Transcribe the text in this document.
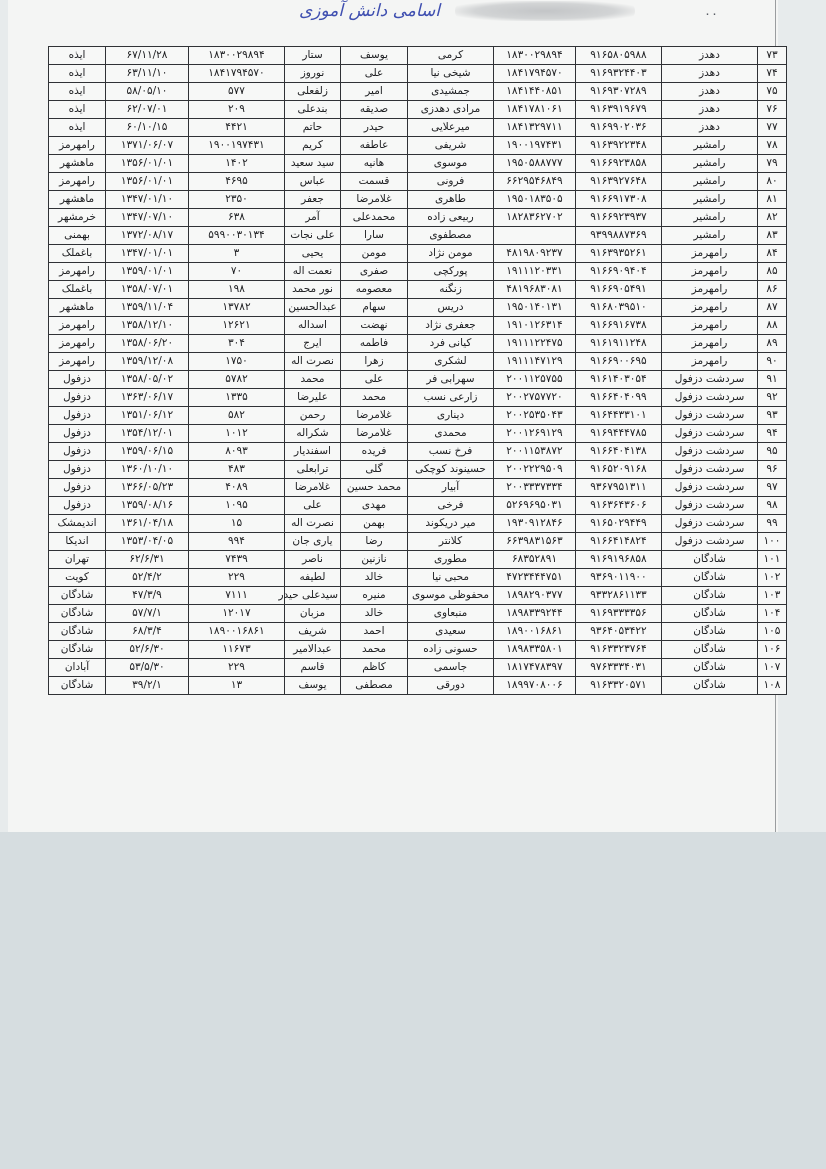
اسامی دانش آموزی	۰۰
۷۳	دهدز	۹۱۶۵۸۰۵۹۸۸	۱۸۳۰۰۲۹۸۹۴	کرمی	یوسف	ستار	۱۸۳۰۰۲۹۸۹۴	۶۷/۱۱/۲۸	ایذه
۷۴	دهدز	۹۱۶۹۳۲۴۴۰۳	۱۸۴۱۷۹۴۵۷۰	شیخی نیا	علی	نوروز	۱۸۴۱۷۹۴۵۷۰	۶۳/۱۱/۱۰	ایذه
۷۵	دهدز	۹۱۶۹۳۰۷۲۸۹	۱۸۴۱۴۴۰۸۵۱	جمشیدی	امیر	زلفعلی	۵۷۷	۵۸/۰۵/۱۰	ایذه
۷۶	دهدز	۹۱۶۳۹۱۹۶۷۹	۱۸۴۱۷۸۱۰۶۱	مرادی دهدزی	صدیقه	بندعلی	۲۰۹	۶۲/۰۷/۰۱	ایذه
۷۷	دهدز	۹۱۶۹۹۰۲۰۳۶	۱۸۴۱۳۲۹۷۱۱	میرعلایی	حیدر	حاتم	۴۴۲۱	۶۰/۱۰/۱۵	ایذه
۷۸	رامشیر	۹۱۶۳۹۲۲۳۴۸	۱۹۰۰۱۹۷۴۳۱	شریفی	عاطفه	کریم	۱۹۰۰۱۹۷۴۳۱	۱۳۷۱/۰۶/۰۷	رامهرمز
۷۹	رامشیر	۹۱۶۶۹۲۳۸۵۸	۱۹۵۰۵۸۸۷۷۷	موسوی	هانیه	سید سعید	۱۴۰۲	۱۳۵۶/۰۱/۰۱	ماهشهر
۸۰	رامشیر	۹۱۶۳۹۲۷۶۴۸	۶۶۲۹۵۴۶۸۴۹	فرونی	قسمت	عباس	۴۶۹۵	۱۳۵۶/۰۱/۰۱	رامهرمز
۸۱	رامشیر	۹۱۶۶۹۱۷۳۰۸	۱۹۵۰۱۸۳۵۰۵	طاهری	غلامرضا	جعفر	۲۳۵۰	۱۳۴۷/۰۱/۱۰	ماهشهر
۸۲	رامشیر	۹۱۶۶۹۲۳۹۳۷	۱۸۲۸۳۶۲۷۰۲	ربیعی زاده	محمدعلی	آمر	۶۳۸	۱۳۴۷/۰۷/۱۰	خرمشهر
۸۳	رامشیر	۹۳۹۹۸۸۷۳۶۹		مصطفوی	سارا	علی نجات	۵۹۹۰۰۳۰۱۳۴	۱۳۷۲/۰۸/۱۷	بهمنی
۸۴	رامهرمز	۹۱۶۳۹۳۵۲۶۱	۴۸۱۹۸۰۹۲۳۷	مومن نژاد	مومن	یحیی	۳	۱۳۴۷/۰۱/۰۱	باغملک
۸۵	رامهرمز	۹۱۶۶۹۰۹۴۰۴	۱۹۱۱۱۲۰۳۳۱	پورکچی	صفری	نعمت اله	۷۰	۱۳۵۹/۰۱/۰۱	رامهرمز
۸۶	رامهرمز	۹۱۶۶۹۰۵۴۹۱	۴۸۱۹۶۸۳۰۸۱	زنگنه	معصومه	نور محمد	۱۹۸	۱۳۵۸/۰۷/۰۱	باغملک
۸۷	رامهرمز	۹۱۶۸۰۳۹۵۱۰	۱۹۵۰۱۴۰۱۳۱	دریس	سهام	عبدالحسین	۱۳۷۸۲	۱۳۵۹/۱۱/۰۴	ماهشهر
۸۸	رامهرمز	۹۱۶۶۹۱۶۷۳۸	۱۹۱۰۱۲۶۳۱۴	جعفری نژاد	نهضت	اسداله	۱۲۶۲۱	۱۳۵۸/۱۲/۱۰	رامهرمز
۸۹	رامهرمز	۹۱۶۱۹۱۱۲۴۸	۱۹۱۱۱۲۲۴۷۵	کیانی فرد	فاطمه	ایرج	۳۰۴	۱۳۵۸/۰۶/۲۰	رامهرمز
۹۰	رامهرمز	۹۱۶۶۹۰۰۶۹۵	۱۹۱۱۱۴۷۱۲۹	لشکری	زهرا	نصرت اله	۱۷۵۰	۱۳۵۹/۱۲/۰۸	رامهرمز
۹۱	سردشت دزفول	۹۱۶۱۴۰۳۰۵۴	۲۰۰۱۱۲۵۷۵۵	سهرابی فر	علی	محمد	۵۷۸۲	۱۳۵۸/۰۵/۰۲	دزفول
۹۲	سردشت دزفول	۹۱۶۶۴۰۴۰۹۹	۲۰۰۲۷۵۷۷۲۰	زارعی نسب	محمد	علیرضا	۱۳۳۵	۱۳۶۳/۰۶/۱۷	دزفول
۹۳	سردشت دزفول	۹۱۶۴۴۳۳۱۰۱	۲۰۰۲۵۳۵۰۴۳	دیناری	غلامرضا	رحمن	۵۸۲	۱۳۵۱/۰۶/۱۲	دزفول
۹۴	سردشت دزفول	۹۱۶۹۴۴۴۷۸۵	۲۰۰۱۲۶۹۱۲۹	محمدی	غلامرضا	شکراله	۱۰۱۲	۱۳۵۴/۱۲/۰۱	دزفول
۹۵	سردشت دزفول	۹۱۶۶۴۰۴۱۳۸	۲۰۰۱۱۵۳۸۷۲	فرخ نسب	فریده	اسفندیار	۸۰۹۳	۱۳۵۹/۰۶/۱۵	دزفول
۹۶	سردشت دزفول	۹۱۶۵۲۰۹۱۶۸	۲۰۰۲۲۲۹۵۰۹	حسینوند کوچکی	گلی	ترابعلی	۴۸۳	۱۳۶۰/۱۰/۱۰	دزفول
۹۷	سردشت دزفول	۹۳۶۷۹۵۱۳۱۱	۲۰۰۳۳۳۷۳۳۴	آبیار	محمد حسین	غلامرضا	۴۰۸۹	۱۳۶۶/۰۵/۲۳	دزفول
۹۸	سردشت دزفول	۹۱۶۳۶۴۳۶۰۶	۵۲۶۹۶۹۵۰۳۱	فرخی	مهدی	علی	۱۰۹۵	۱۳۵۹/۰۸/۱۶	دزفول
۹۹	سردشت دزفول	۹۱۶۵۰۲۹۴۴۹	۱۹۳۰۹۱۲۸۴۶	میر دریکوند	بهمن	نصرت اله	۱۵	۱۳۶۱/۰۴/۱۸	اندیمشک
۱۰۰	سردشت دزفول	۹۱۶۶۴۱۴۸۲۴	۶۶۳۹۸۳۱۵۶۳	کلانتر	رضا	یاری جان	۹۹۴	۱۳۵۳/۰۴/۰۵	اندیکا
۱۰۱	شادگان	۹۱۶۹۱۹۶۸۵۸	۶۸۳۵۲۸۹۱	مطوری	نازنین	ناصر	۷۴۳۹	۶۲/۶/۳۱	تهران
۱۰۲	شادگان	۹۳۶۹۰۱۱۹۰۰	۴۷۲۳۴۴۴۷۵۱	محبی نیا	خالد	لطیفه	۲۲۹	۵۲/۴/۲	کویت
۱۰۳	شادگان	۹۳۳۲۸۶۱۱۳۳	۱۸۹۸۲۹۰۳۷۷	محفوظی موسوی	منیره	سیدعلی حیدر	۷۱۱۱	۴۷/۳/۹	شادگان
۱۰۴	شادگان	۹۱۶۹۳۳۳۳۵۶	۱۸۹۸۳۳۹۲۴۴	منبعاوی	خالد	مزبان	۱۲۰۱۷	۵۷/۷/۱	شادگان
۱۰۵	شادگان	۹۳۶۴۰۵۳۴۲۲	۱۸۹۰۰۱۶۸۶۱	سعیدی	احمد	شریف	۱۸۹۰۰۱۶۸۶۱	۶۸/۳/۴	شادگان
۱۰۶	شادگان	۹۱۶۳۳۲۳۷۶۴	۱۸۹۸۳۳۵۸۰۱	حسونی زاده	محمد	عبدالامیر	۱۱۶۷۳	۵۲/۶/۳۰	شادگان
۱۰۷	شادگان	۹۷۶۳۳۳۴۰۳۱	۱۸۱۷۴۷۸۳۹۷	جاسمی	کاظم	قاسم	۲۲۹	۵۳/۵/۳۰	آبادان
۱۰۸	شادگان	۹۱۶۳۳۲۰۵۷۱	۱۸۹۹۷۰۸۰۰۶	دورقی	مصطفی	یوسف	۱۳	۳۹/۲/۱	شادگان
